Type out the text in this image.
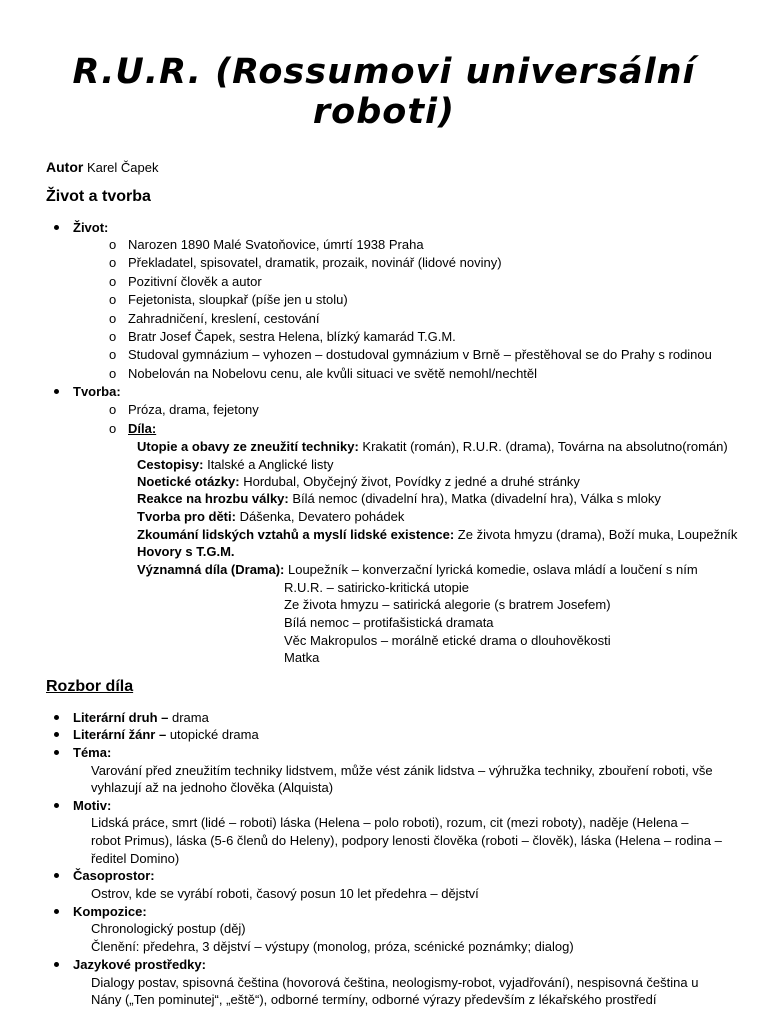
R.U.R. (Rossumovi universální roboti)
Autor Karel Čapek
Život a tvorba
Život:
o Narozen 1890 Malé Svatoňovice, úmrtí 1938 Praha
o Překladatel, spisovatel, dramatik, prozaik, novinář (lidové noviny)
o Pozitivní člověk a autor
o Fejetonista, sloupkař (píše jen u stolu)
o Zahradničení, kreslení, cestování
o Bratr Josef Čapek, sestra Helena, blízký kamarád T.G.M.
o Studoval gymnázium – vyhozen – dostudoval gymnázium v Brně – přestěhoval se do Prahy s rodinou
o Nobelován na Nobelovu cenu, ale kvůli situaci ve světě nemohl/nechtěl
Tvorba:
o Próza, drama, fejetony
o Díla:
Utopie a obavy ze zneužití techniky: Krakatit (román), R.U.R. (drama), Továrna na absolutno(román)
Cestopisy: Italské a Anglické listy
Noetické otázky: Hordubal, Obyčejný život, Povídky z jedné a druhé stránky
Reakce na hrozbu války: Bílá nemoc (divadelní hra), Matka (divadelní hra), Válka s mloky
Tvorba pro děti: Dášenka, Devatero pohádek
Zkoumání lidských vztahů a myslí lidské existence: Ze života hmyzu (drama), Boží muka, Loupežník
Hovory s T.G.M.
Významná díla (Drama): Loupežník – konverzační lyrická komedie, oslava mládí a loučení s ním
R.U.R. – satiricko-kritická utopie
Ze života hmyzu – satirická alegorie (s bratrem Josefem)
Bílá nemoc – protifašistická dramata
Věc Makropulos – morálně etické drama o dlouhověkosti
Matka
Rozbor díla
Literární druh – drama
Literární žánr – utopické drama
Téma:
Varování před zneužitím techniky lidstvem, může vést zánik lidstva – výhružka techniky, zbouření roboti, vše
vyhlazují až na jednoho člověka (Alquista)
Motiv:
Lidská práce, smrt (lidé – roboti) láska (Helena – polo roboti), rozum, cit (mezi roboty), naděje (Helena –
robot Primus), láska (5-6 členů do Heleny), podpory lenosti člověka (roboti – člověk), láska (Helena – rodina –
ředitel Domino)
Časoprostor:
Ostrov, kde se vyrábí roboti, časový posun 10 let předehra – dějství
Kompozice:
Chronologický postup (děj)
Členění: předehra, 3 dějství – výstupy (monolog, próza, scénické poznámky; dialog)
Jazykové prostředky:
Dialogy postav, spisovná čeština (hovorová čeština, neologismy-robot, vyjadřování), nespisovná čeština u
Nány („Ten pominutej“, „eště“), odborné termíny, odborné výrazy především z lékařského prostředí
